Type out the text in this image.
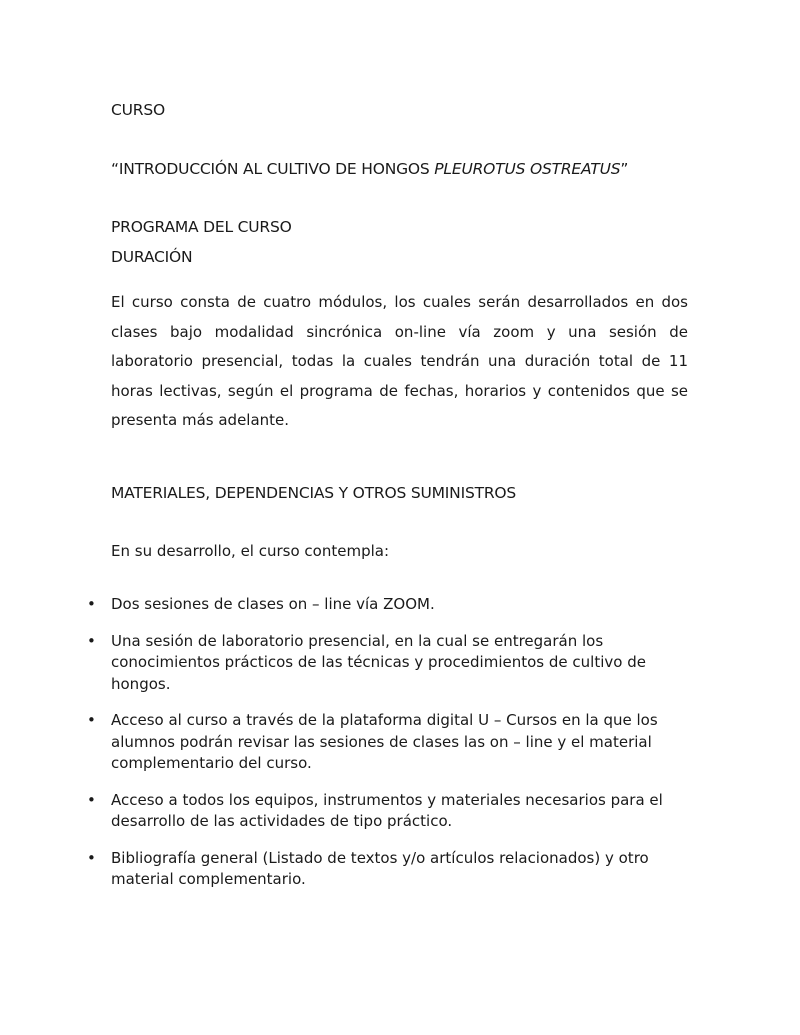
CURSO
“INTRODUCCIÓN AL CULTIVO DE HONGOS PLEUROTUS OSTREATUS”
PROGRAMA DEL CURSO
DURACIÓN

El curso consta de cuatro módulos, los cuales serán desarrollados en dos clases bajo modalidad sincrónica on-line vía zoom y una sesión de laboratorio presencial, todas la cuales tendrán una duración total de 11 horas lectivas, según el programa de fechas, horarios y contenidos que se presenta más adelante.

MATERIALES, DEPENDENCIAS Y OTROS SUMINISTROS
En su desarrollo, el curso contempla:
• Dos sesiones de clases on – line vía ZOOM.
• Una sesión de laboratorio presencial, en la cual se entregarán los conocimientos prácticos de las técnicas y procedimientos de cultivo de hongos.
• Acceso al curso a través de la plataforma digital U – Cursos en la que los alumnos podrán revisar las sesiones de clases las on – line y el material complementario del curso.
• Acceso a todos los equipos, instrumentos y materiales necesarios para el desarrollo de las actividades de tipo práctico.
• Bibliografía general (Listado de textos y/o artículos relacionados) y otro material complementario.
